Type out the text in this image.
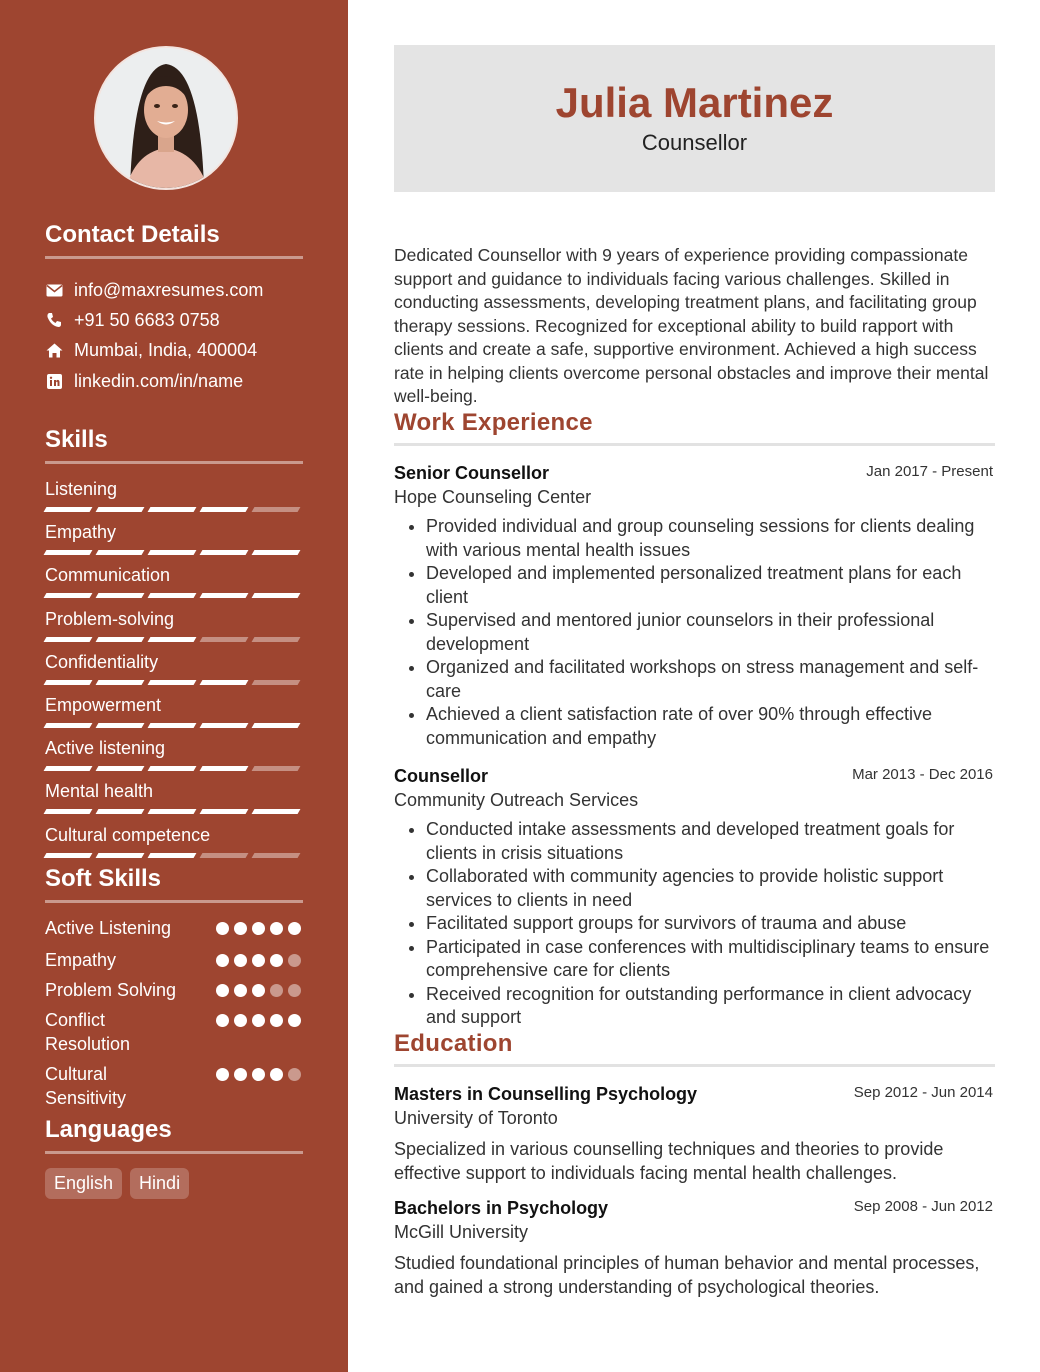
Contact Details
info@maxresumes.com
+91 50 6683 0758
Mumbai, India, 400004
linkedin.com/in/name
Skills
Listening
Empathy
Communication
Problem-solving
Confidentiality
Empowerment
Active listening
Mental health
Cultural competence
Soft Skills
Active Listening
Empathy
Problem Solving
Conflict Resolution
Cultural Sensitivity
Languages
English	Hindi
Julia Martinez
Counsellor

Dedicated Counsellor with 9 years of experience providing compassionate support and guidance to individuals facing various challenges. Skilled in conducting assessments, developing treatment plans, and facilitating group therapy sessions. Recognized for exceptional ability to build rapport with clients and create a safe, supportive environment. Achieved a high success rate in helping clients overcome personal obstacles and improve their mental well-being.

Work Experience
Senior Counsellor	Jan 2017 - Present
Hope Counseling Center
• Provided individual and group counseling sessions for clients dealing with various mental health issues
• Developed and implemented personalized treatment plans for each client
• Supervised and mentored junior counselors in their professional development
• Organized and facilitated workshops on stress management and self-care
• Achieved a client satisfaction rate of over 90% through effective communication and empathy
Counsellor	Mar 2013 - Dec 2016
Community Outreach Services
• Conducted intake assessments and developed treatment goals for clients in crisis situations
• Collaborated with community agencies to provide holistic support services to clients in need
• Facilitated support groups for survivors of trauma and abuse
• Participated in case conferences with multidisciplinary teams to ensure comprehensive care for clients
• Received recognition for outstanding performance in client advocacy and support
Education
Masters in Counselling Psychology	Sep 2012 - Jun 2014
University of Toronto
Specialized in various counselling techniques and theories to provide effective support to individuals facing mental health challenges.
Bachelors in Psychology	Sep 2008 - Jun 2012
McGill University
Studied foundational principles of human behavior and mental processes, and gained a strong understanding of psychological theories.
